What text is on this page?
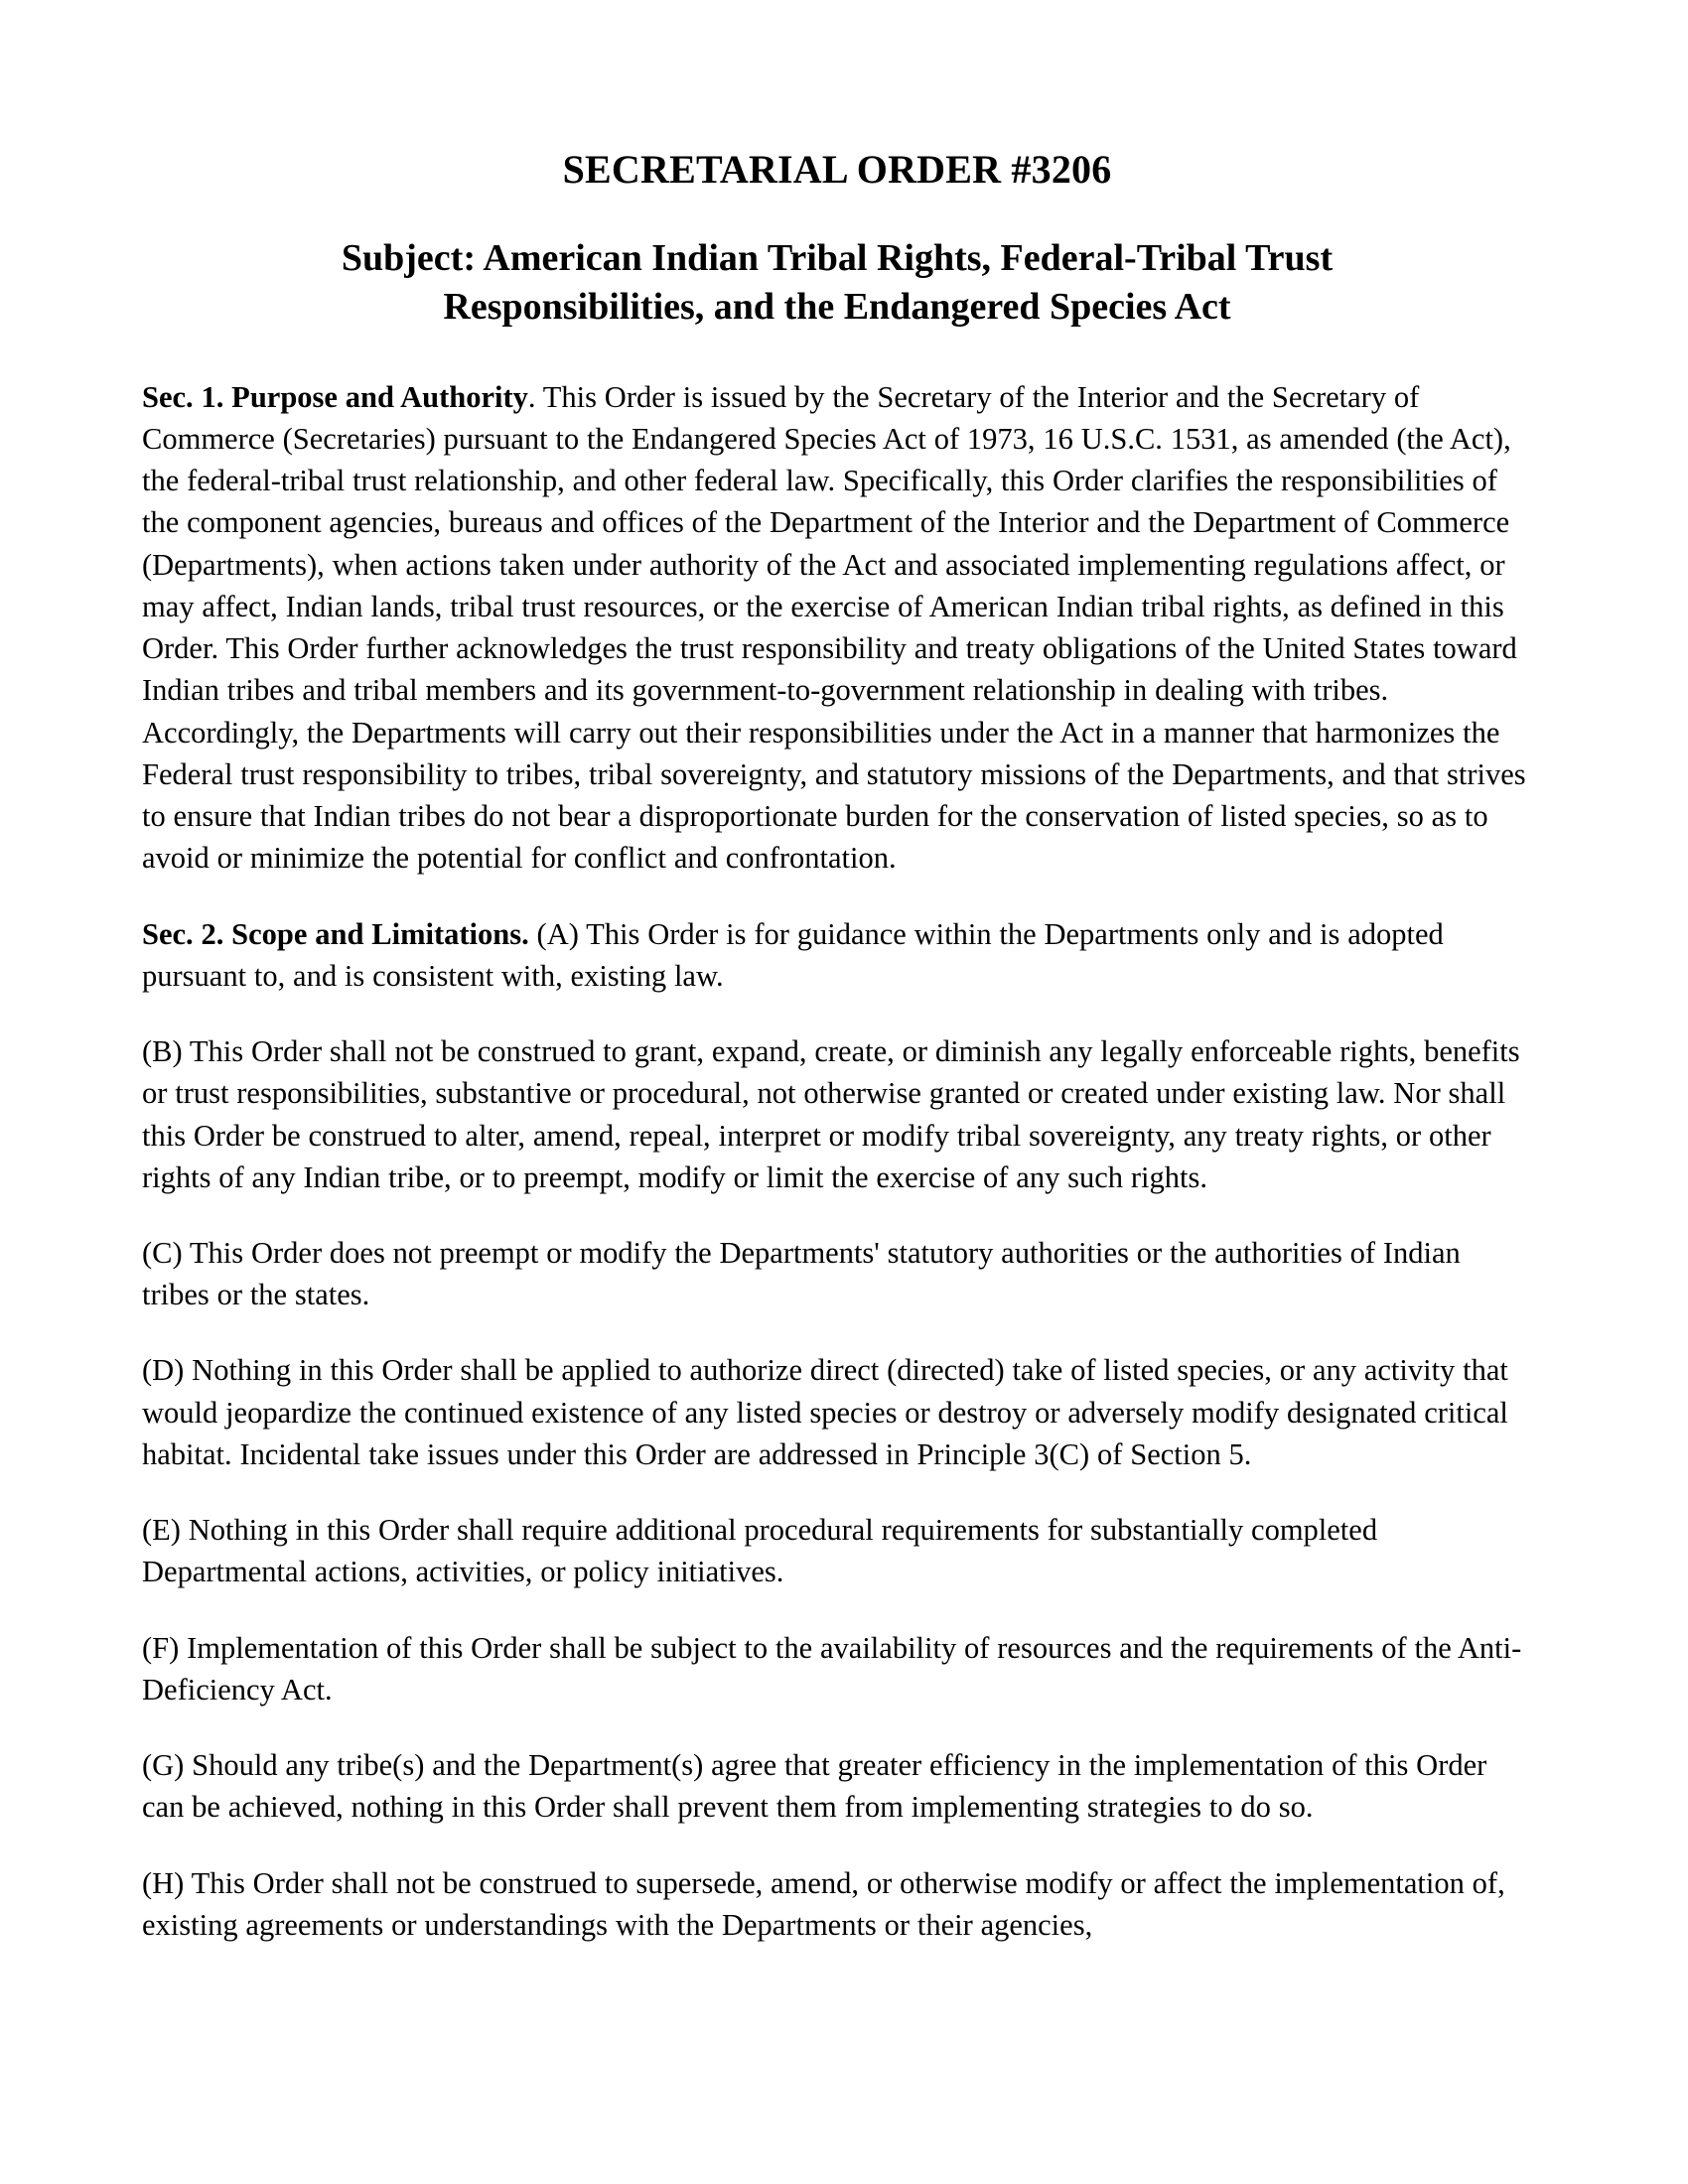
SECRETARIAL ORDER #3206
Subject: American Indian Tribal Rights, Federal-Tribal Trust
Responsibilities, and the Endangered Species Act

Sec. 1. Purpose and Authority. This Order is issued by the Secretary of the Interior and the Secretary of Commerce (Secretaries) pursuant to the Endangered Species Act of 1973, 16 U.S.C. 1531, as amended (the Act), the federal-tribal trust relationship, and other federal law. Specifically, this Order clarifies the responsibilities of the component agencies, bureaus and offices of the Department of the Interior and the Department of Commerce (Departments), when actions taken under authority of the Act and associated implementing regulations affect, or may affect, Indian lands, tribal trust resources, or the exercise of American Indian tribal rights, as defined in this Order. This Order further acknowledges the trust responsibility and treaty obligations of the United States toward Indian tribes and tribal members and its government-to-government relationship in dealing with tribes. Accordingly, the Departments will carry out their responsibilities under the Act in a manner that harmonizes the Federal trust responsibility to tribes, tribal sovereignty, and statutory missions of the Departments, and that strives to ensure that Indian tribes do not bear a disproportionate burden for the conservation of listed species, so as to avoid or minimize the potential for conflict and confrontation.

Sec. 2. Scope and Limitations. (A) This Order is for guidance within the Departments only and is adopted pursuant to, and is consistent with, existing law.

(B) This Order shall not be construed to grant, expand, create, or diminish any legally enforceable rights, benefits or trust responsibilities, substantive or procedural, not otherwise granted or created under existing law. Nor shall this Order be construed to alter, amend, repeal, interpret or modify tribal sovereignty, any treaty rights, or other rights of any Indian tribe, or to preempt, modify or limit the exercise of any such rights.

(C) This Order does not preempt or modify the Departments' statutory authorities or the authorities of Indian tribes or the states.

(D) Nothing in this Order shall be applied to authorize direct (directed) take of listed species, or any activity that would jeopardize the continued existence of any listed species or destroy or adversely modify designated critical habitat. Incidental take issues under this Order are addressed in Principle 3(C) of Section 5.

(E) Nothing in this Order shall require additional procedural requirements for substantially completed Departmental actions, activities, or policy initiatives.

(F) Implementation of this Order shall be subject to the availability of resources and the requirements of the Anti-Deficiency Act.

(G) Should any tribe(s) and the Department(s) agree that greater efficiency in the implementation of this Order can be achieved, nothing in this Order shall prevent them from implementing strategies to do so.

(H) This Order shall not be construed to supersede, amend, or otherwise modify or affect the implementation of, existing agreements or understandings with the Departments or their agencies,
